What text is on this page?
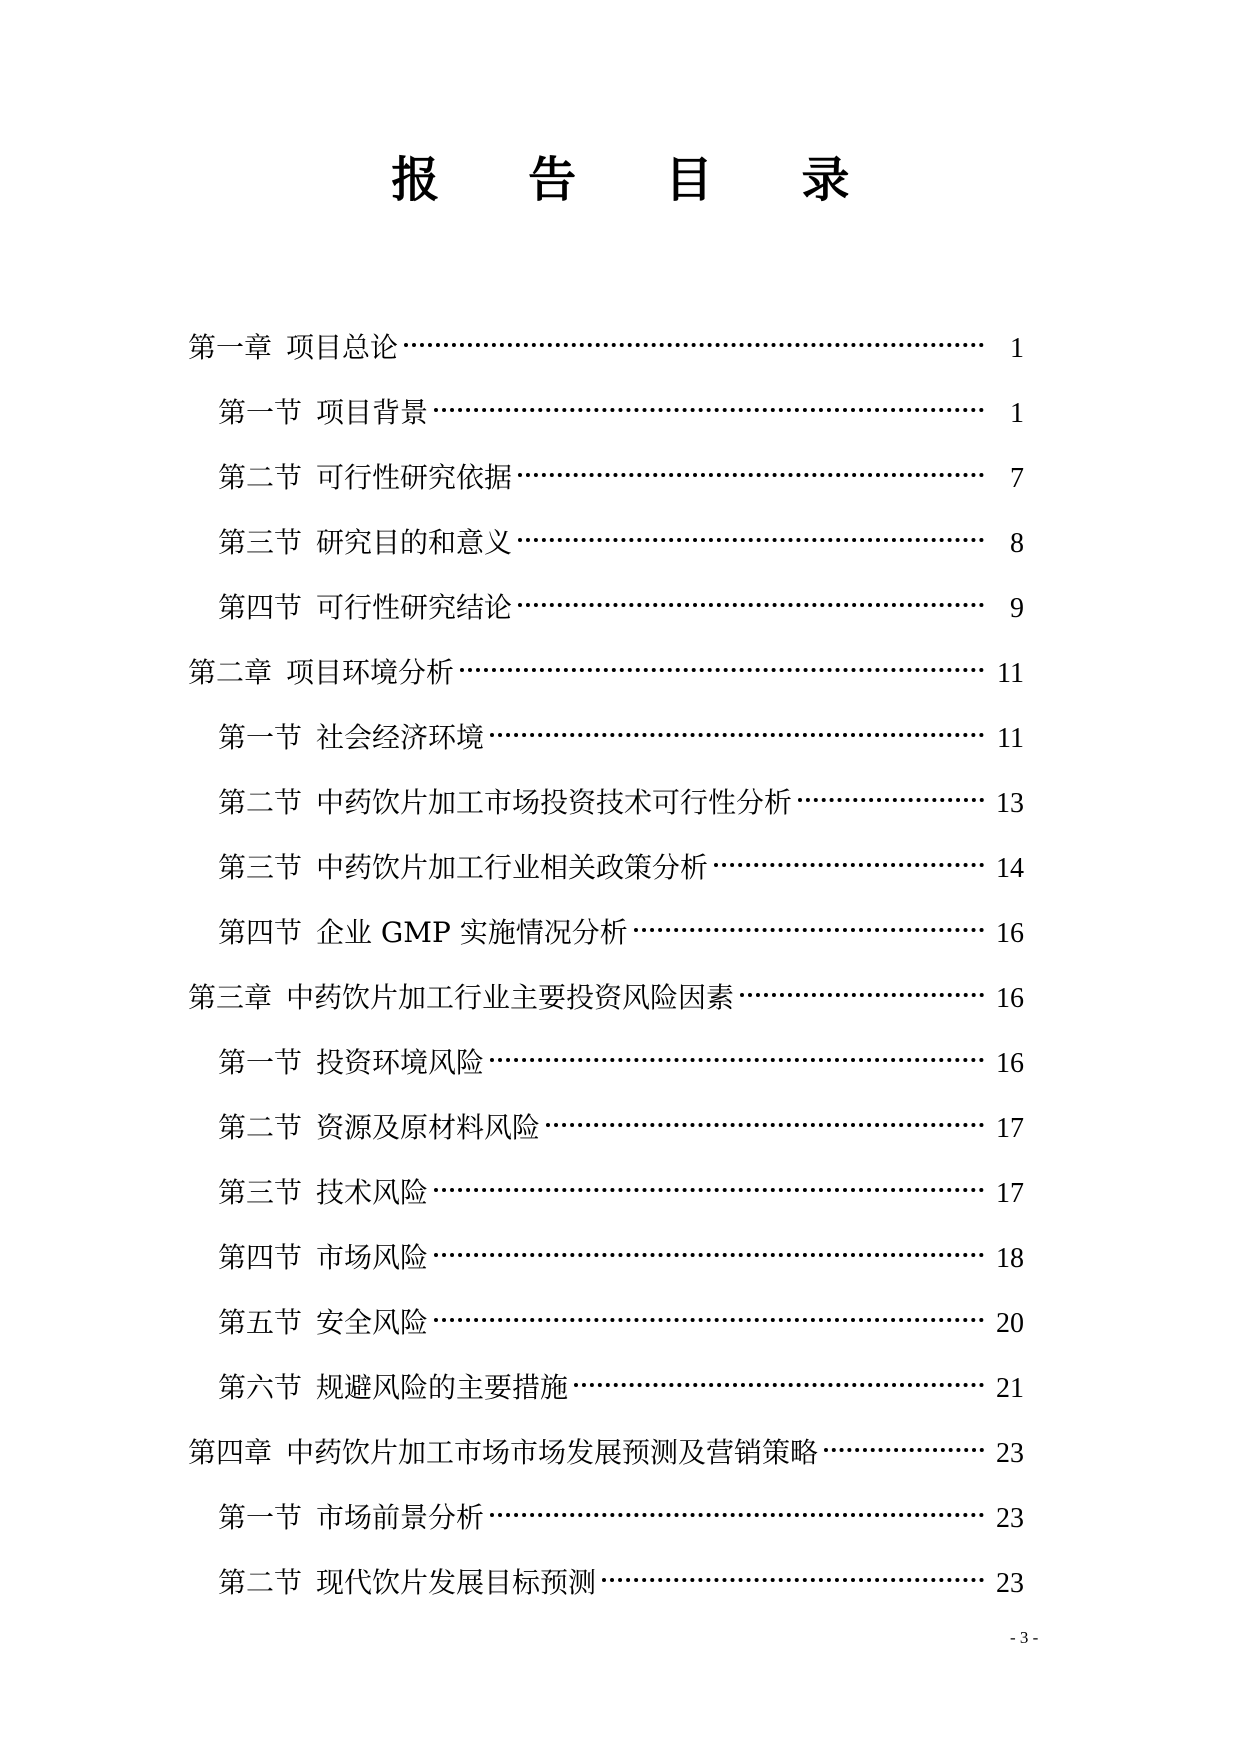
报 告 目 录
第一章 项目总论	1
第一节 项目背景	1
第二节 可行性研究依据	7
第三节 研究目的和意义	8
第四节 可行性研究结论	9
第二章 项目环境分析	11
第一节 社会经济环境	11
第二节 中药饮片加工市场投资技术可行性分析	13
第三节 中药饮片加工行业相关政策分析	14
第四节 企业 GMP 实施情况分析	16
第三章 中药饮片加工行业主要投资风险因素	16
第一节 投资环境风险	16
第二节 资源及原材料风险	17
第三节 技术风险	17
第四节 市场风险	18
第五节 安全风险	20
第六节 规避风险的主要措施	21
第四章 中药饮片加工市场市场发展预测及营销策略	23
第一节 市场前景分析	23
第二节 现代饮片发展目标预测	23
- 3 -
